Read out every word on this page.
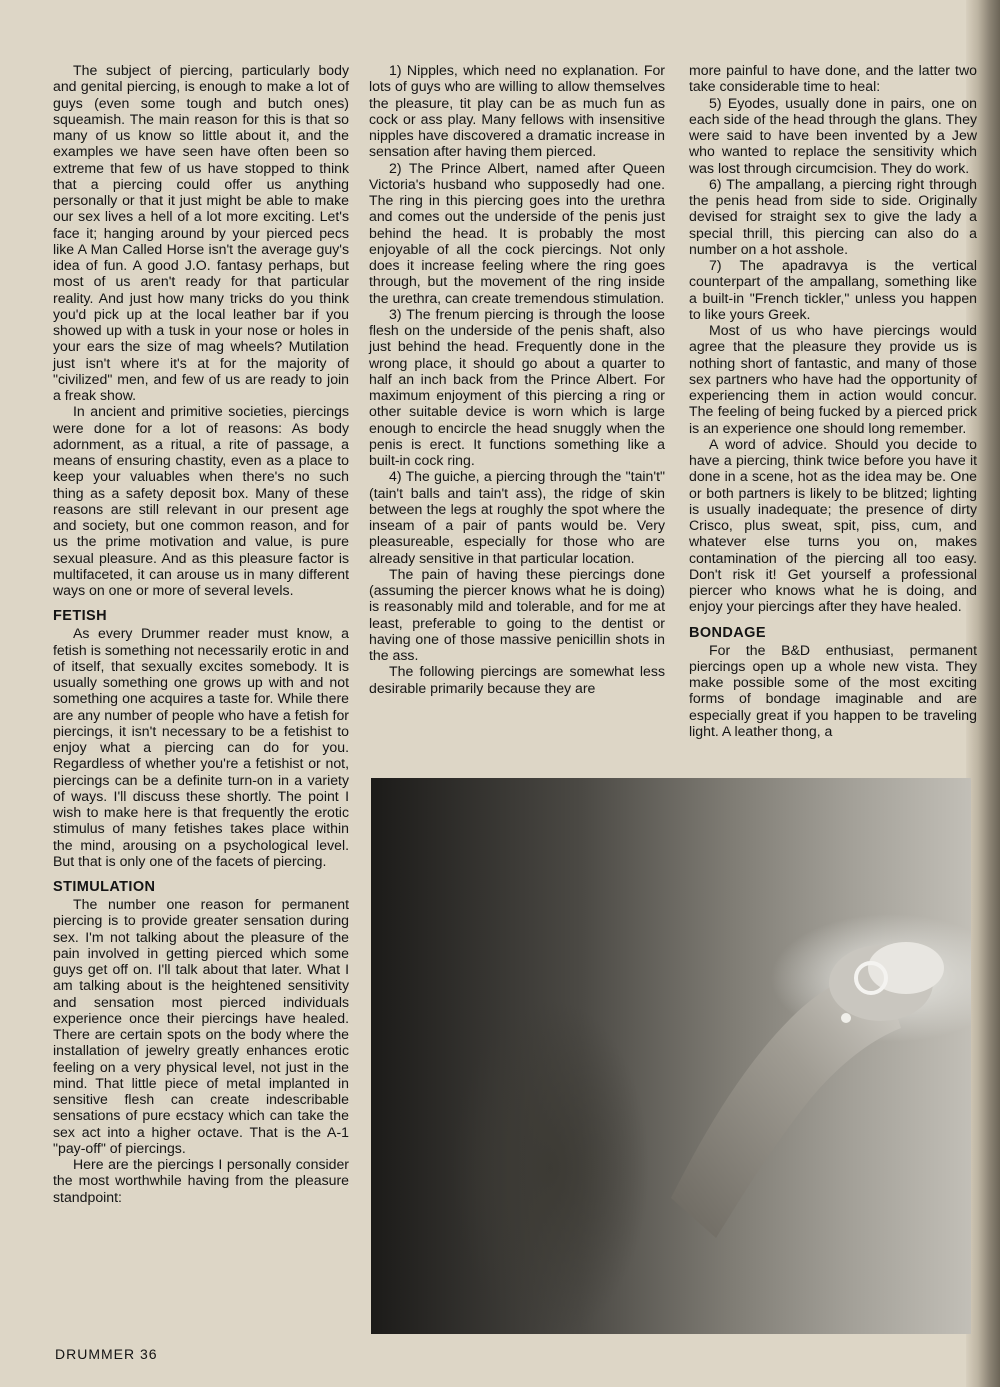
The subject of piercing, particularly body and genital piercing, is enough to make a lot of guys (even some tough and butch ones) squeamish. The main reason for this is that so many of us know so little about it, and the examples we have seen have often been so extreme that few of us have stopped to think that a piercing could offer us anything personally or that it just might be able to make our sex lives a hell of a lot more exciting. Let's face it; hanging around by your pierced pecs like A Man Called Horse isn't the average guy's idea of fun. A good J.O. fantasy perhaps, but most of us aren't ready for that particular reality. And just how many tricks do you think you'd pick up at the local leather bar if you showed up with a tusk in your nose or holes in your ears the size of mag wheels? Mutilation just isn't where it's at for the majority of "civilized" men, and few of us are ready to join a freak show.

In ancient and primitive societies, piercings were done for a lot of reasons: As body adornment, as a ritual, a rite of passage, a means of ensuring chastity, even as a place to keep your valuables when there's no such thing as a safety deposit box. Many of these reasons are still relevant in our present age and society, but one common reason, and for us the prime motivation and value, is pure sexual pleasure. And as this pleasure factor is multifaceted, it can arouse us in many different ways on one or more of several levels.

FETISH

As every Drummer reader must know, a fetish is something not necessarily erotic in and of itself, that sexually excites somebody. It is usually something one grows up with and not something one acquires a taste for. While there are any number of people who have a fetish for piercings, it isn't necessary to be a fetishist to enjoy what a piercing can do for you. Regardless of whether you're a fetishist or not, piercings can be a definite turn-on in a variety of ways. I'll discuss these shortly. The point I wish to make here is that frequently the erotic stimulus of many fetishes takes place within the mind, arousing on a psychological level. But that is only one of the facets of piercing.

STIMULATION

The number one reason for permanent piercing is to provide greater sensation during sex. I'm not talking about the pleasure of the pain involved in getting pierced which some guys get off on. I'll talk about that later. What I am talking about is the heightened sensitivity and sensation most pierced individuals experience once their piercings have healed. There are certain spots on the body where the installation of jewelry greatly enhances erotic feeling on a very physical level, not just in the mind. That little piece of metal implanted in sensitive flesh can create indescribable sensations of pure ecstacy which can take the sex act into a higher octave. That is the A-1 "pay-off" of piercings.

Here are the piercings I personally consider the most worthwhile having from the pleasure standpoint:

1) Nipples, which need no explanation. For lots of guys who are willing to allow themselves the pleasure, tit play can be as much fun as cock or ass play. Many fellows with insensitive nipples have discovered a dramatic increase in sensation after having them pierced.

2) The Prince Albert, named after Queen Victoria's husband who supposedly had one. The ring in this piercing goes into the urethra and comes out the underside of the penis just behind the head. It is probably the most enjoyable of all the cock piercings. Not only does it increase feeling where the ring goes through, but the movement of the ring inside the urethra, can create tremendous stimulation.

3) The frenum piercing is through the loose flesh on the underside of the penis shaft, also just behind the head. Frequently done in the wrong place, it should go about a quarter to half an inch back from the Prince Albert. For maximum enjoyment of this piercing a ring or other suitable device is worn which is large enough to encircle the head snuggly when the penis is erect. It functions something like a built-in cock ring.

4) The guiche, a piercing through the "tain't" (tain't balls and tain't ass), the ridge of skin between the legs at roughly the spot where the inseam of a pair of pants would be. Very pleasureable, especially for those who are already sensitive in that particular location.

The pain of having these piercings done (assuming the piercer knows what he is doing) is reasonably mild and tolerable, and for me at least, preferable to going to the dentist or having one of those massive penicillin shots in the ass.

The following piercings are somewhat less desirable primarily because they are

more painful to have done, and the latter two take considerable time to heal:

5) Eyodes, usually done in pairs, one on each side of the head through the glans. They were said to have been invented by a Jew who wanted to replace the sensitivity which was lost through circumcision. They do work.

6) The ampallang, a piercing right through the penis head from side to side. Originally devised for straight sex to give the lady a special thrill, this piercing can also do a number on a hot asshole.

7) The apadravya is the vertical counterpart of the ampallang, something like a built-in "French tickler," unless you happen to like yours Greek.

Most of us who have piercings would agree that the pleasure they provide us is nothing short of fantastic, and many of those sex partners who have had the opportunity of experiencing them in action would concur. The feeling of being fucked by a pierced prick is an experience one should long remember.

A word of advice. Should you decide to have a piercing, think twice before you have it done in a scene, hot as the idea may be. One or both partners is likely to be blitzed; lighting is usually inadequate; the presence of dirty Crisco, plus sweat, spit, piss, cum, and whatever else turns you on, makes contamination of the piercing all too easy. Don't risk it! Get yourself a professional piercer who knows what he is doing, and enjoy your piercings after they have healed.

BONDAGE

For the B&D enthusiast, permanent piercings open up a whole new vista. They make possible some of the most exciting forms of bondage imaginable and are especially great if you happen to be traveling light. A leather thong, a

DRUMMER 36
